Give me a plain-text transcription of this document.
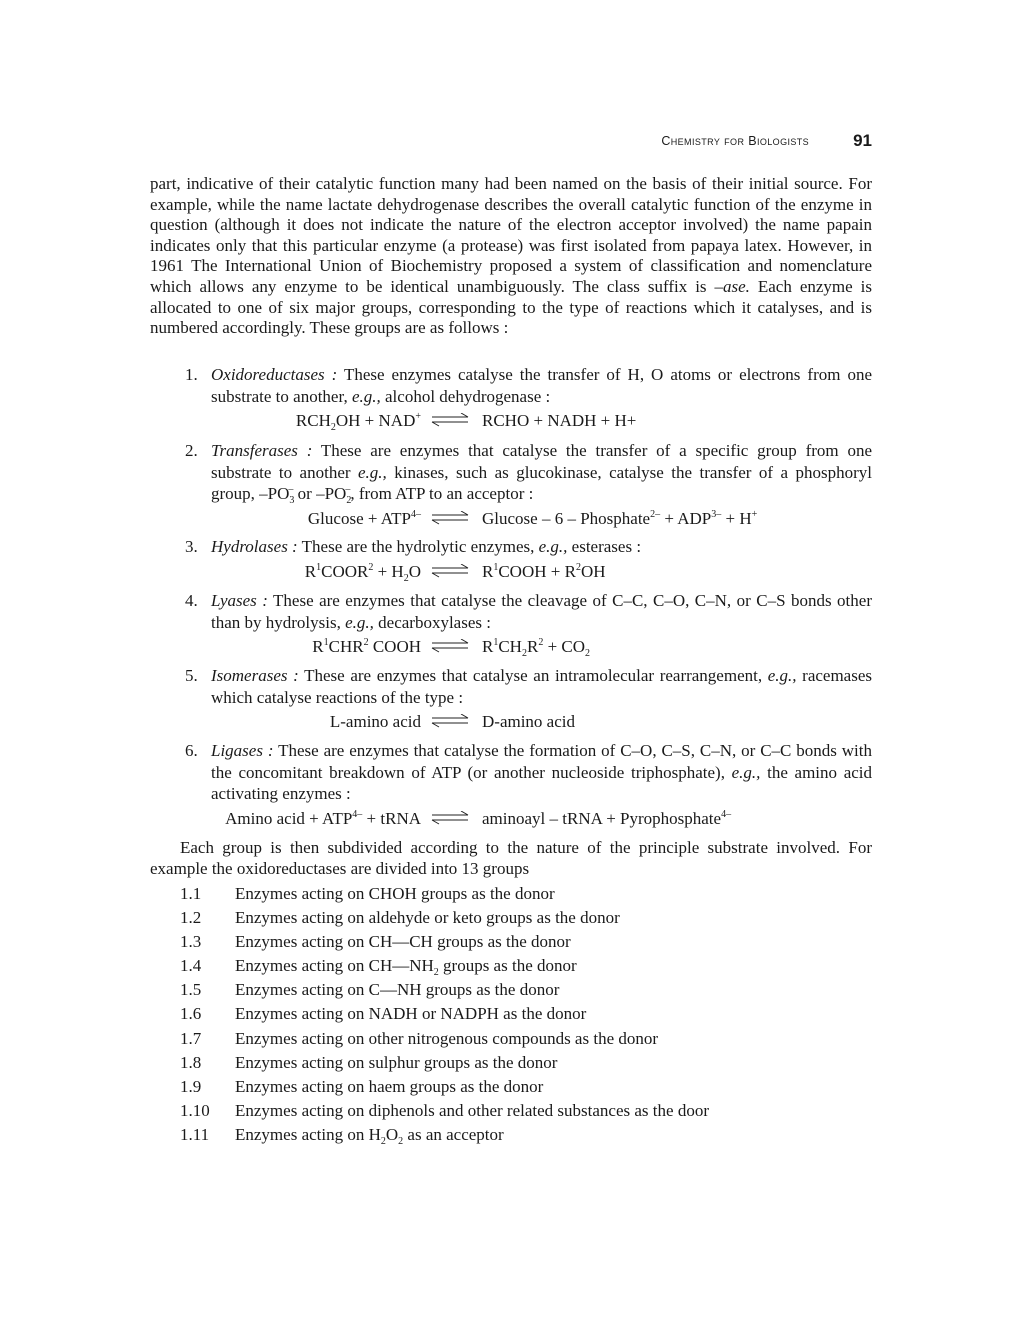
Chemistry for Biologists	91
part, indicative of their catalytic function many had been named on the basis of their initial source. For example, while the name lactate dehydrogenase describes the overall catalytic function of the enzyme in question (although it does not indicate the nature of the electron acceptor involved) the name papain indicates only that this particular enzyme (a protease) was first isolated from papaya latex. However, in 1961 The International Union of Biochemistry proposed a system of classification and nomenclature which allows any enzyme to be identical unambiguously. The class suffix is –ase. Each enzyme is allocated to one of six major groups, corresponding to the type of reactions which it catalyses, and is numbered accordingly. These groups are as follows :
1. Oxidoreductases : These enzymes catalyse the transfer of H, O atoms or electrons from one substrate to another, e.g., alcohol dehydrogenase :
$RCH_2OH + NAD^+$ ⇌ RCHO + NADH + H+
2. Transferases : These are enzymes that catalyse the transfer of a specific group from one substrate to another e.g., kinases, such as glucokinase, catalyse the transfer of a phosphoryl group, $-PO_3^-$ or $-PO_2^-$, from ATP to an acceptor :
$Glucose + ATP^{4-}$ ⇌ Glucose – 6 – Phosphate$^{2-}$ + $ADP^{3-} + H^+$
3. Hydrolases : These are the hydrolytic enzymes, e.g., esterases :
$R^1COOR^2 + H_2O$ ⇌ $R^1COOH + R^2OH$
4. Lyases : These are enzymes that catalyse the cleavage of C–C, C–O, C–N, or C–S bonds other than by hydrolysis, e.g., decarboxylases :
$R^1CHR^2$ COOH ⇌ $R^1CH_2R^2 + CO_2$
5. Isomerases : These are enzymes that catalyse an intramolecular rearrangement, e.g., racemases which catalyse reactions of the type :
L-amino acid ⇌ D-amino acid
6. Ligases : These are enzymes that catalyse the formation of C–O, C–S, C–N, or C–C bonds with the concomitant breakdown of ATP (or another nucleoside triphosphate), e.g., the amino acid activating enzymes :
Amino acid + $ATP^{4-}$ + tRNA ⇌ aminoayl – tRNA + Pyrophosphate$^{4-}$
Each group is then subdivided according to the nature of the principle substrate involved. For example the oxidoreductases are divided into 13 groups
1.1 Enzymes acting on CHOH groups as the donor
1.2 Enzymes acting on aldehyde or keto groups as the donor
1.3 Enzymes acting on CH—CH groups as the donor
1.4 Enzymes acting on $CH—NH_2$ groups as the donor
1.5 Enzymes acting on C—NH groups as the donor
1.6 Enzymes acting on NADH or NADPH as the donor
1.7 Enzymes acting on other nitrogenous compounds as the donor
1.8 Enzymes acting on sulphur groups as the donor
1.9 Enzymes acting on haem groups as the donor
1.10 Enzymes acting on diphenols and other related substances as the door
1.11 Enzymes acting on $H_2O_2$ as an acceptor
